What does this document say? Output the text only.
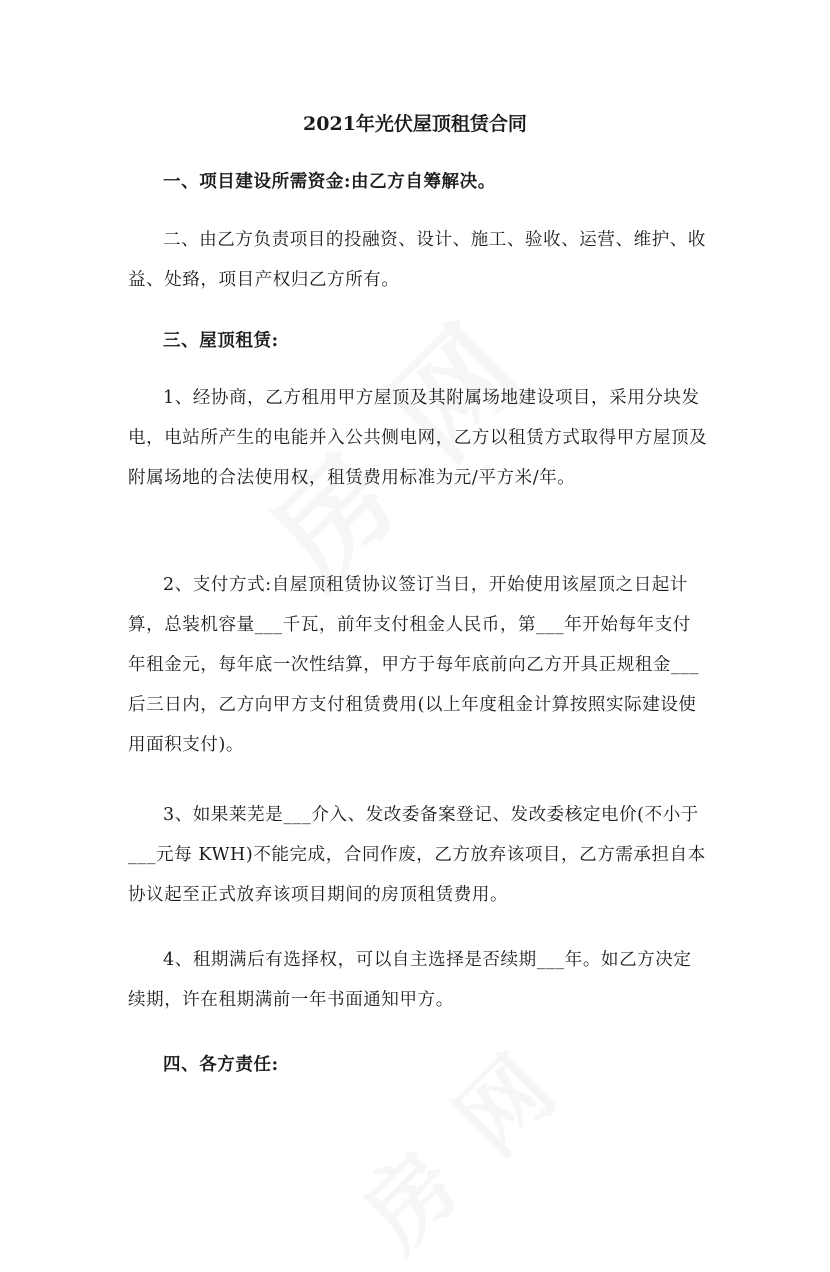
2021年光伏屋顶租赁合同

一、项目建设所需资金:由乙方自筹解决。

二、由乙方负责项目的投融资、设计、施工、验收、运营、维护、收益、处臵，项目产权归乙方所有。

三、屋顶租赁:

1、经协商，乙方租用甲方屋顶及其附属场地建设项目，采用分块发电，电站所产生的电能并入公共侧电网，乙方以租赁方式取得甲方屋顶及附属场地的合法使用权，租赁费用标准为元/平方米/年。

2、支付方式:自屋顶租赁协议签订当日，开始使用该屋顶之日起计算，总装机容量___千瓦，前年支付租金人民币，第___年开始每年支付年租金元，每年底一次性结算，甲方于每年底前向乙方开具正规租金___后三日内，乙方向甲方支付租赁费用(以上年度租金计算按照实际建设使用面积支付)。

3、如果莱芜是___介入、发改委备案登记、发改委核定电价(不小于___元每 KWH)不能完成，合同作废，乙方放弃该项目，乙方需承担自本协议起至正式放弃该项目期间的房顶租赁费用。

4、租期满后有选择权，可以自主选择是否续期___年。如乙方决定续期，许在租期满前一年书面通知甲方。

四、各方责任:
